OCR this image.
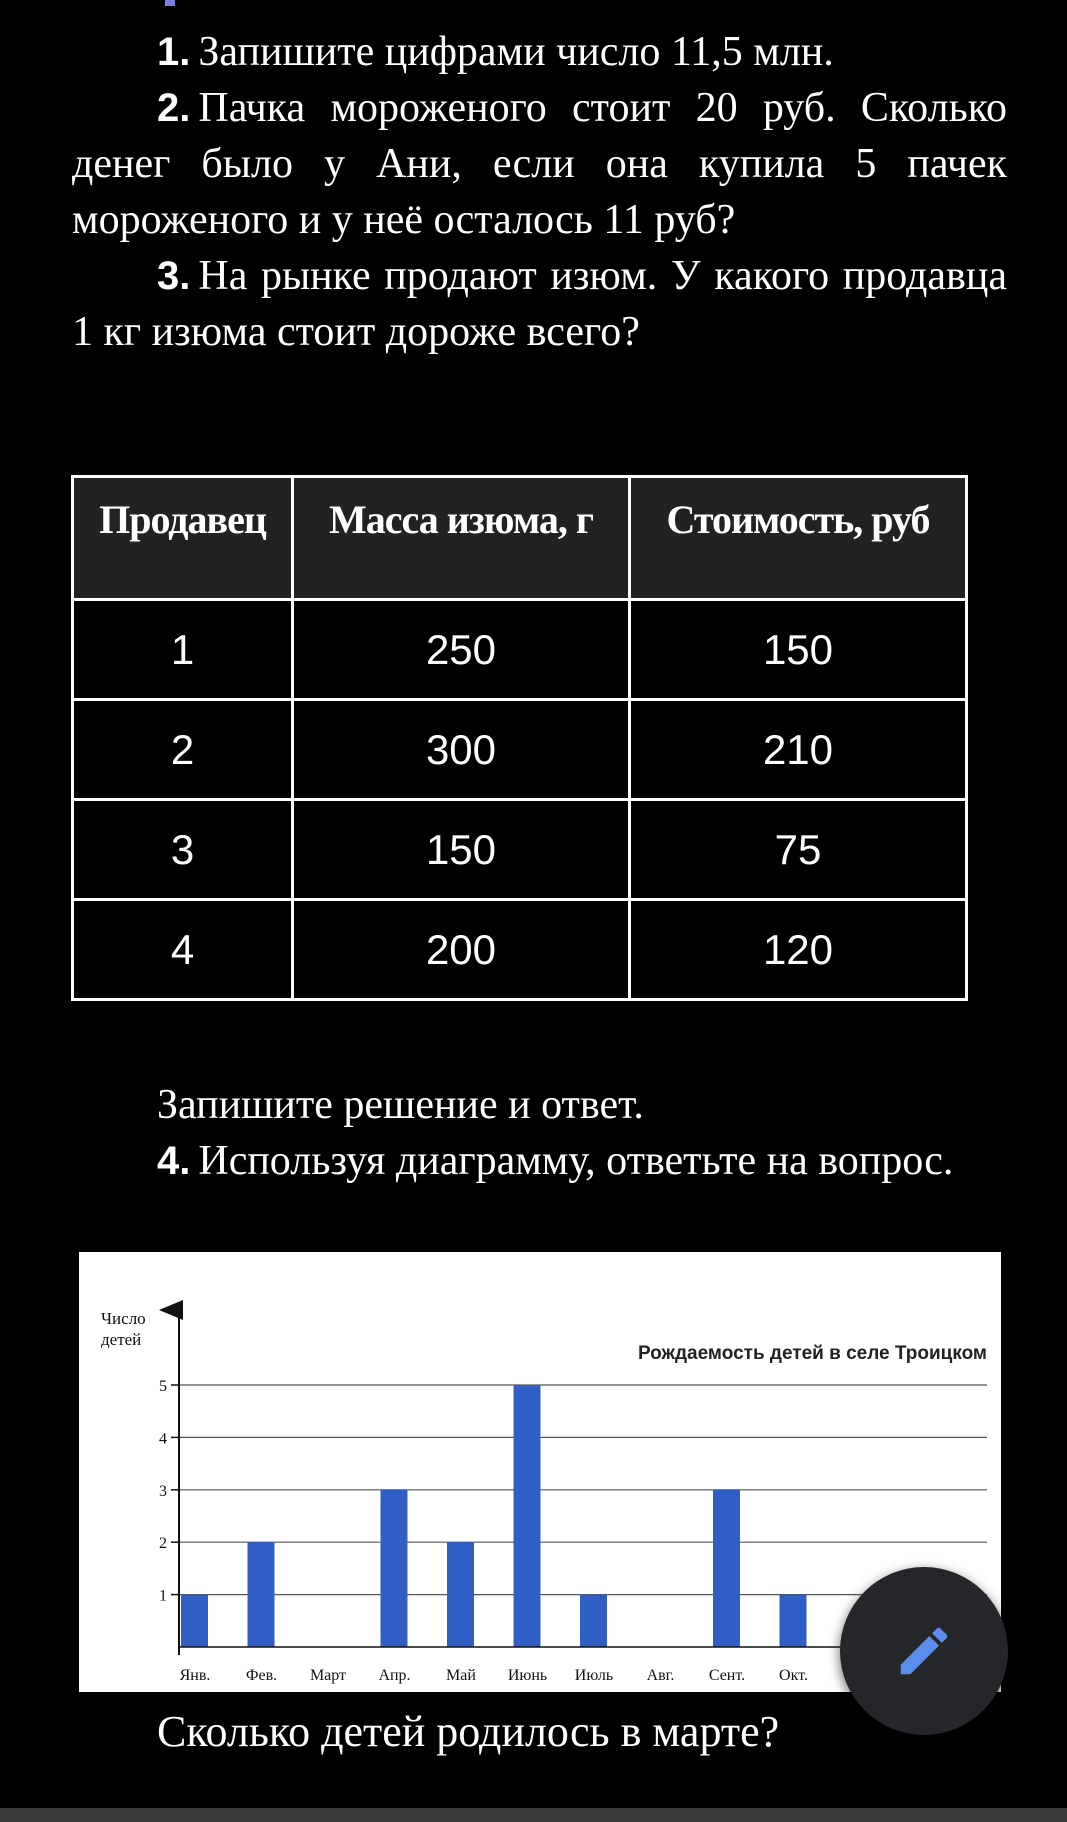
1. Запишите цифрами число 11,5 млн.

2. Пачка мороженого стоит 20 руб. Сколько денег было у Ани, если она купила 5 пачек мороженого и у неё осталось 11 руб?

3. На рынке продают изюм. У какого продавца 1 кг изюма стоит дороже всего?

Продавец	Масса изюма, г	Стоимость, руб
1	250	150
2	300	210
3	150	75
4	200	120

Запишите решение и ответ.

4. Используя диаграмму, ответьте на вопрос.

1
2
3
4
5
Янв. Фев. Март Апр. Май Июнь Июль Авг. Сент. Окт.
Число
детей
Рождаемость детей в селе Троицком

Сколько детей родилось в марте?
